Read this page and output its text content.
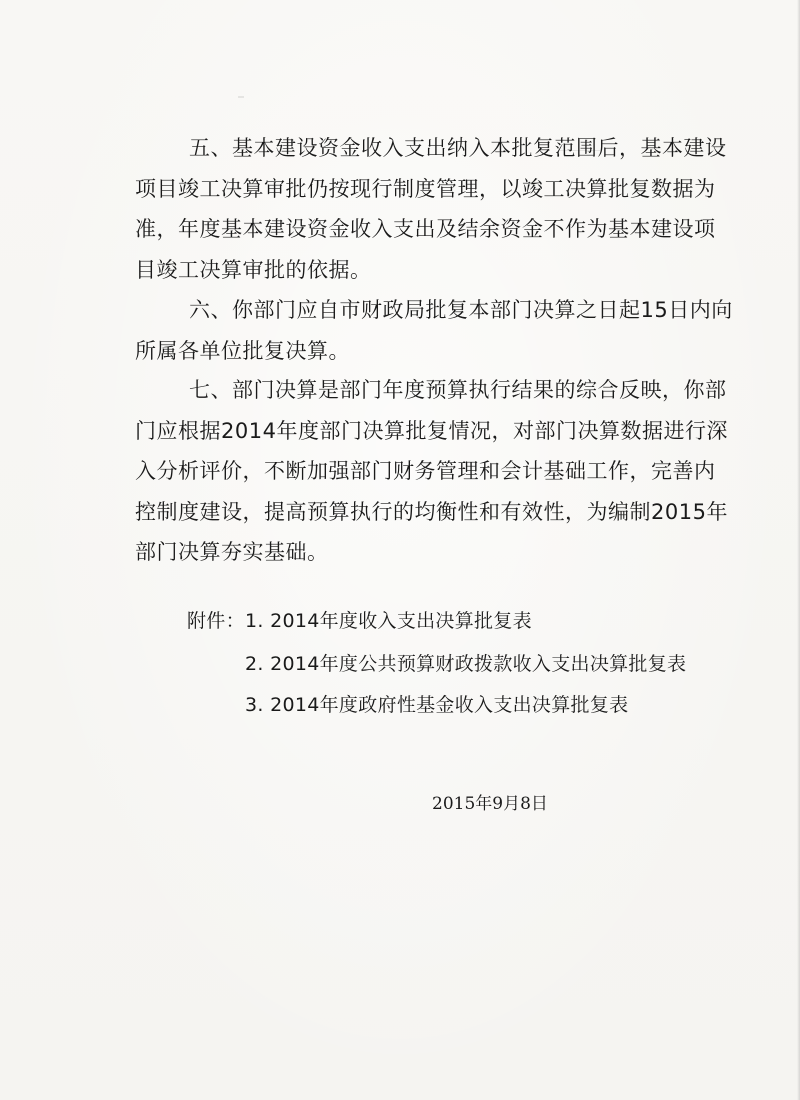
五、基本建设资金收入支出纳入本批复范围后，基本建设
项目竣工决算审批仍按现行制度管理，以竣工决算批复数据为
准，年度基本建设资金收入支出及结余资金不作为基本建设项
目竣工决算审批的依据。
六、你部门应自市财政局批复本部门决算之日起15日内向
所属各单位批复决算。
七、部门决算是部门年度预算执行结果的综合反映，你部
门应根据2014年度部门决算批复情况，对部门决算数据进行深
入分析评价，不断加强部门财务管理和会计基础工作，完善内
控制度建设，提高预算执行的均衡性和有效性，为编制2015年
部门决算夯实基础。
附件： 1. 2014年度收入支出决算批复表
2. 2014年度公共预算财政拨款收入支出决算批复表
3. 2014年度政府性基金收入支出决算批复表
2015年9月8日
